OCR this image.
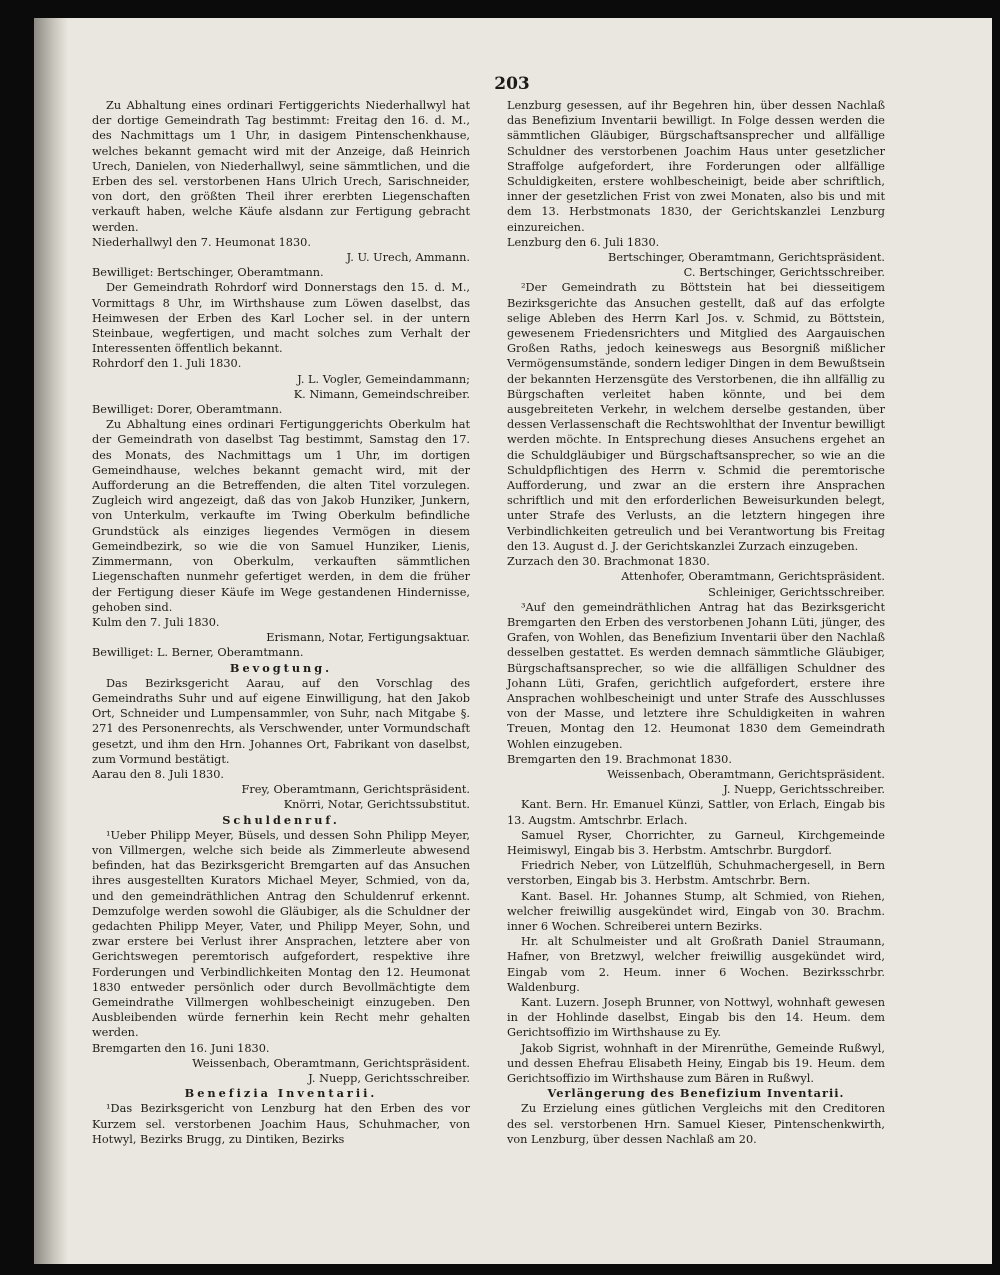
203

Zu Abhaltung eines ordinari Fertiggerichts Niederhallwyl hat der dortige Gemeindrath Tag bestimmt: Freitag den 16. d. M., des Nachmittags um 1 Uhr, in dasigem Pintenschenkhause, welches bekannt gemacht wird mit der Anzeige, daß Heinrich Urech, Danielen, von Niederhallwyl, seine sämmtlichen, und die Erben des sel. verstorbenen Hans Ulrich Urech, Sarischneider, von dort, den größten Theil ihrer ererbten Liegenschaften verkauft haben, welche Käufe alsdann zur Fertigung gebracht werden.

Niederhallwyl den 7. Heumonat 1830.

J. U. Urech, Ammann.

Bewilliget: Bertschinger, Oberamtmann.

Der Gemeindrath Rohrdorf wird Donnerstags den 15. d. M., Vormittags 8 Uhr, im Wirthshause zum Löwen daselbst, das Heimwesen der Erben des Karl Locher sel. in der untern Steinbaue, wegfertigen, und macht solches zum Verhalt der Interessenten öffentlich bekannt.

Rohrdorf den 1. Juli 1830.

J. L. Vogler, Gemeindammann;

K. Nimann, Gemeindschreiber.

Bewilliget: Dorer, Oberamtmann.

Zu Abhaltung eines ordinari Fertigunggerichts Oberkulm hat der Gemeindrath von daselbst Tag bestimmt, Samstag den 17. des Monats, des Nachmittags um 1 Uhr, im dortigen Gemeindhause, welches bekannt gemacht wird, mit der Aufforderung an die Betreffenden, die alten Titel vorzulegen. Zugleich wird angezeigt, daß das von Jakob Hunziker, Junkern, von Unterkulm, verkaufte im Twing Oberkulm befindliche Grundstück als einziges liegendes Vermögen in diesem Gemeindbezirk, so wie die von Samuel Hunziker, Lienis, Zimmermann, von Oberkulm, verkauften sämmtlichen Liegenschaften nunmehr gefertiget werden, in dem die früher der Fertigung dieser Käufe im Wege gestandenen Hindernisse, gehoben sind.

Kulm den 7. Juli 1830.

Erismann, Notar, Fertigungsaktuar.

Bewilliget: L. Berner, Oberamtmann.

Bevogtung.

Das Bezirksgericht Aarau, auf den Vorschlag des Gemeindraths Suhr und auf eigene Einwilligung, hat den Jakob Ort, Schneider und Lumpensammler, von Suhr, nach Mitgabe §. 271 des Personenrechts, als Verschwender, unter Vormundschaft gesetzt, und ihm den Hrn. Johannes Ort, Fabrikant von daselbst, zum Vormund bestätigt.

Aarau den 8. Juli 1830.

Frey, Oberamtmann, Gerichtspräsident.

Knörri, Notar, Gerichtssubstitut.

Schuldenruf.

¹Ueber Philipp Meyer, Büsels, und dessen Sohn Philipp Meyer, von Villmergen, welche sich beide als Zimmerleute abwesend befinden, hat das Bezirksgericht Bremgarten auf das Ansuchen ihres ausgestellten Kurators Michael Meyer, Schmied, von da, und den gemeindräthlichen Antrag den Schuldenruf erkennt. Demzufolge werden sowohl die Gläubiger, als die Schuldner der gedachten Philipp Meyer, Vater, und Philipp Meyer, Sohn, und zwar erstere bei Verlust ihrer Ansprachen, letztere aber von Gerichtswegen peremtorisch aufgefordert, respektive ihre Forderungen und Verbindlichkeiten Montag den 12. Heumonat 1830 entweder persönlich oder durch Bevollmächtigte dem Gemeindrathe Villmergen wohlbescheinigt einzugeben. Den Ausbleibenden würde fernerhin kein Recht mehr gehalten werden.

Bremgarten den 16. Juni 1830.

Weissenbach, Oberamtmann, Gerichtspräsident.

J. Nuepp, Gerichtsschreiber.

Benefizia Inventarii.

¹Das Bezirksgericht von Lenzburg hat den Erben des vor Kurzem sel. verstorbenen Joachim Haus, Schuhmacher, von Hotwyl, Bezirks Brugg, zu Dintiken, Bezirks

Lenzburg gesessen, auf ihr Begehren hin, über dessen Nachlaß das Benefizium Inventarii bewilligt. In Folge dessen werden die sämmtlichen Gläubiger, Bürgschaftsansprecher und allfällige Schuldner des verstorbenen Joachim Haus unter gesetzlicher Straffolge aufgefordert, ihre Forderungen oder allfällige Schuldigkeiten, erstere wohlbescheinigt, beide aber schriftlich, inner der gesetzlichen Frist von zwei Monaten, also bis und mit dem 13. Herbstmonats 1830, der Gerichtskanzlei Lenzburg einzureichen.

Lenzburg den 6. Juli 1830.

Bertschinger, Oberamtmann, Gerichtspräsident.

C. Bertschinger, Gerichtsschreiber.

²Der Gemeindrath zu Böttstein hat bei diesseitigem Bezirksgerichte das Ansuchen gestellt, daß auf das erfolgte selige Ableben des Herrn Karl Jos. v. Schmid, zu Böttstein, gewesenem Friedensrichters und Mitglied des Aargauischen Großen Raths, jedoch keineswegs aus Besorgniß mißlicher Vermögensumstände, sondern lediger Dingen in dem Bewußtsein der bekannten Herzensgüte des Verstorbenen, die ihn allfällig zu Bürgschaften verleitet haben könnte, und bei dem ausgebreiteten Verkehr, in welchem derselbe gestanden, über dessen Verlassenschaft die Rechtswohlthat der Inventur bewilligt werden möchte. In Entsprechung dieses Ansuchens ergehet an die Schuldgläubiger und Bürgschaftsansprecher, so wie an die Schuldpflichtigen des Herrn v. Schmid die peremtorische Aufforderung, und zwar an die erstern ihre Ansprachen schriftlich und mit den erforderlichen Beweisurkunden belegt, unter Strafe des Verlusts, an die letztern hingegen ihre Verbindlichkeiten getreulich und bei Verantwortung bis Freitag den 13. August d. J. der Gerichtskanzlei Zurzach einzugeben.

Zurzach den 30. Brachmonat 1830.

Attenhofer, Oberamtmann, Gerichtspräsident.

Schleiniger, Gerichtsschreiber.

³Auf den gemeindräthlichen Antrag hat das Bezirksgericht Bremgarten den Erben des verstorbenen Johann Lüti, jünger, des Grafen, von Wohlen, das Benefizium Inventarii über den Nachlaß desselben gestattet. Es werden demnach sämmtliche Gläubiger, Bürgschaftsansprecher, so wie die allfälligen Schuldner des Johann Lüti, Grafen, gerichtlich aufgefordert, erstere ihre Ansprachen wohlbescheinigt und unter Strafe des Ausschlusses von der Masse, und letztere ihre Schuldigkeiten in wahren Treuen, Montag den 12. Heumonat 1830 dem Gemeindrath Wohlen einzugeben.

Bremgarten den 19. Brachmonat 1830.

Weissenbach, Oberamtmann, Gerichtspräsident.

J. Nuepp, Gerichtsschreiber.

Kant. Bern. Hr. Emanuel Künzi, Sattler, von Erlach, Eingab bis 13. Augstm. Amtschrbr. Erlach.

Samuel Ryser, Chorrichter, zu Garneul, Kirchgemeinde Heimiswyl, Eingab bis 3. Herbstm. Amtschrbr. Burgdorf.

Friedrich Neber, von Lützelflüh, Schuhmachergesell, in Bern verstorben, Eingab bis 3. Herbstm. Amtschrbr. Bern.

Kant. Basel. Hr. Johannes Stump, alt Schmied, von Riehen, welcher freiwillig ausgekündet wird, Eingab von 30. Brachm. inner 6 Wochen. Schreiberei untern Bezirks.

Hr. alt Schulmeister und alt Großrath Daniel Straumann, Hafner, von Bretzwyl, welcher freiwillig ausgekündet wird, Eingab vom 2. Heum. inner 6 Wochen. Bezirksschrbr. Waldenburg.

Kant. Luzern. Joseph Brunner, von Nottwyl, wohnhaft gewesen in der Hohlinde daselbst, Eingab bis den 14. Heum. dem Gerichtsoffizio im Wirthshause zu Ey.

Jakob Sigrist, wohnhaft in der Mirenrüthe, Gemeinde Rußwyl, und dessen Ehefrau Elisabeth Heiny, Eingab bis 19. Heum. dem Gerichtsoffizio im Wirthshause zum Bären in Rußwyl.

Verlängerung des Benefizium Inventarii.

Zu Erzielung eines gütlichen Vergleichs mit den Creditoren des sel. verstorbenen Hrn. Samuel Kieser, Pintenschenkwirth, von Lenzburg, über dessen Nachlaß am 20.
